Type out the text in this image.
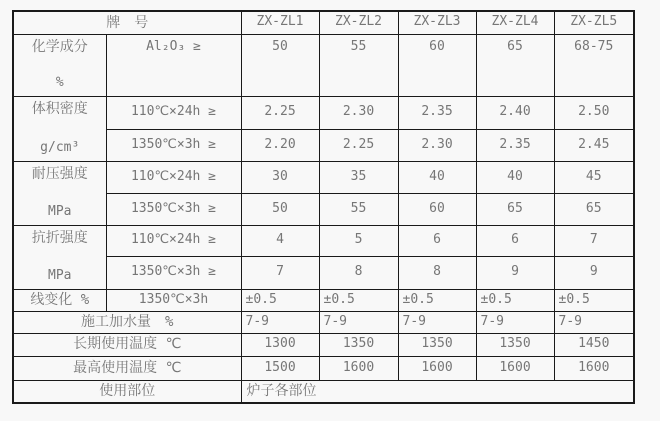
牌　号		ZX-ZL1	ZX-ZL2	ZX-ZL3	ZX-ZL4	ZX-ZL5

化学成分
%	Al₂O₃ ≥	50	55	60	65	68-75

体积密度
g/cm³	110℃×24h ≥	2.25	2.30	2.35	2.40	2.50
	1350℃×3h ≥	2.20	2.25	2.30	2.35	2.45

耐压强度
MPa	110℃×24h ≥	30	35	40	40	45
	1350℃×3h ≥	50	55	60	65	65

抗折强度
MPa	110℃×24h ≥	4	5	6	6	7
	1350℃×3h ≥	7	8	8	9	9
线变化 %	1350℃×3h	±0.5	±0.5	±0.5	±0.5	±0.5
施工加水量　%		7-9	7-9	7-9	7-9	7-9
长期使用温度 ℃		1300	1350	1350	1350	1450
最高使用温度 ℃		1500	1600	1600	1600	1600
使用部位		炉子各部位				
